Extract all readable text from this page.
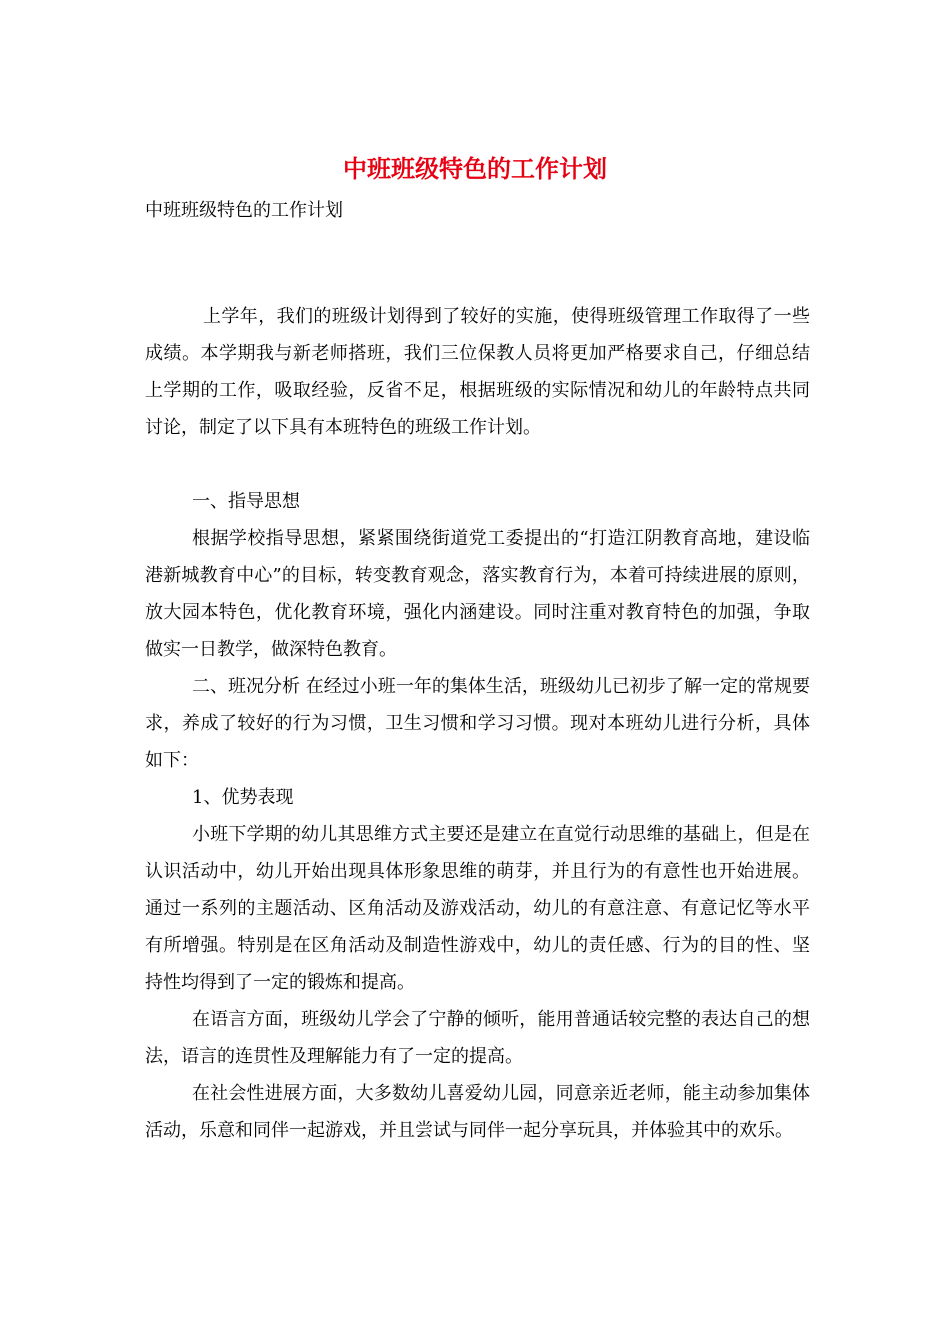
中班班级特色的工作计划
中班班级特色的工作计划

上学年，我们的班级计划得到了较好的实施，使得班级管理工作取得了一些成绩。本学期我与新老师搭班，我们三位保教人员将更加严格要求自己，仔细总结上学期的工作，吸取经验，反省不足，根据班级的实际情况和幼儿的年龄特点共同讨论，制定了以下具有本班特色的班级工作计划。

一、指导思想

根据学校指导思想，紧紧围绕街道党工委提出的“打造江阴教育高地，建设临港新城教育中心”的目标，转变教育观念，落实教育行为，本着可持续进展的原则，放大园本特色，优化教育环境，强化内涵建设。同时注重对教育特色的加强，争取做实一日教学，做深特色教育。

二、班况分析 在经过小班一年的集体生活，班级幼儿已初步了解一定的常规要求，养成了较好的行为习惯，卫生习惯和学习习惯。现对本班幼儿进行分析，具体如下：

1、优势表现

小班下学期的幼儿其思维方式主要还是建立在直觉行动思维的基础上，但是在认识活动中，幼儿开始出现具体形象思维的萌芽，并且行为的有意性也开始进展。通过一系列的主题活动、区角活动及游戏活动，幼儿的有意注意、有意记忆等水平有所增强。特别是在区角活动及制造性游戏中，幼儿的责任感、行为的目的性、坚持性均得到了一定的锻炼和提高。

在语言方面，班级幼儿学会了宁静的倾听，能用普通话较完整的表达自己的想法，语言的连贯性及理解能力有了一定的提高。

在社会性进展方面，大多数幼儿喜爱幼儿园，同意亲近老师，能主动参加集体活动，乐意和同伴一起游戏，并且尝试与同伴一起分享玩具，并体验其中的欢乐。
